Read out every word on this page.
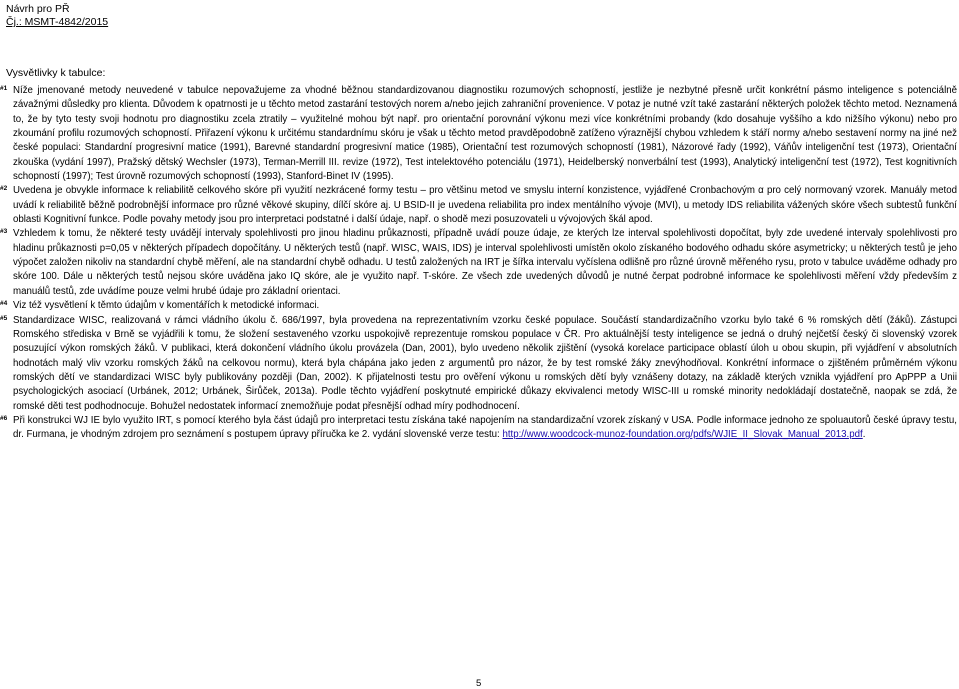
Návrh pro PŘ
Čj.: MSMT-4842/2015
Vysvětlivky k tabulce:
#1 Níže jmenované metody neuvedené v tabulce nepovažujeme za vhodné běžnou standardizovanou diagnostiku rozumových schopností, jestliže je nezbytné přesně určit konkrétní pásmo inteligence s potenciálně závažnými důsledky pro klienta. Důvodem k opatrnosti je u těchto metod zastarání testových norem a/nebo jejich zahraniční provenience. V potaz je nutné vzít také zastarání některých položek těchto metod. Neznamená to, že by tyto testy svoji hodnotu pro diagnostiku zcela ztratily – využitelné mohou být např. pro orientační porovnání výkonu mezi více konkrétními probandy (kdo dosahuje vyššího a kdo nižšího výkonu) nebo pro zkoumání profilu rozumových schopností. Přiřazení výkonu k určitému standardnímu skóru je však u těchto metod pravděpodobně zatíženo výraznější chybou vzhledem k stáří normy a/nebo sestavení normy na jiné než české populaci: Standardní progresivní matice (1991), Barevné standardní progresivní matice (1985), Orientační test rozumových schopností (1981), Názorové řady (1992), Váňův inteligenční test (1973), Orientační zkouška (vydání 1997), Pražský dětský Wechsler (1973), Terman-Merrill III. revize (1972), Test intelektového potenciálu (1971), Heidelberský nonverbální test (1993), Analytický inteligenční test (1972), Test kognitivních schopností (1997); Test úrovně rozumových schopností (1993), Stanford-Binet IV (1995).

#2 Uvedena je obvykle informace k reliabilitě celkového skóre při využití nezkrácené formy testu – pro většinu metod ve smyslu interní konzistence, vyjádřené Cronbachovým α pro celý normovaný vzorek. Manuály metod uvádí k reliabilitě běžně podrobnější informace pro různé věkové skupiny, dílčí skóre aj. U BSID-II je uvedena reliabilita pro index mentálního vývoje (MVI), u metody IDS reliabilita vážených skóre všech subtestů funkční oblasti Kognitivní funkce. Podle povahy metody jsou pro interpretaci podstatné i další údaje, např. o shodě mezi posuzovateli u vývojových škál apod.

#3 Vzhledem k tomu, že některé testy uvádějí intervaly spolehlivosti pro jinou hladinu průkaznosti, případně uvádí pouze údaje, ze kterých lze interval spolehlivosti dopočítat, byly zde uvedené intervaly spolehlivosti pro hladinu průkaznosti p=0,05 v některých případech dopočítány. U některých testů (např. WISC, WAIS, IDS) je interval spolehlivosti umístěn okolo získaného bodového odhadu skóre asymetricky; u některých testů je jeho výpočet založen nikoliv na standardní chybě měření, ale na standardní chybě odhadu. U testů založených na IRT je šířka intervalu vyčíslena odlišně pro různé úrovně měřeného rysu, proto v tabulce uváděme odhady pro skóre 100. Dále u některých testů nejsou skóre uváděna jako IQ skóre, ale je využito např. T-skóre. Ze všech zde uvedených důvodů je nutné čerpat podrobné informace ke spolehlivosti měření vždy především z manuálů testů, zde uvádíme pouze velmi hrubé údaje pro základní orientaci.

#4 Viz též vysvětlení k těmto údajům v komentářích k metodické informaci.

#5 Standardizace WISC, realizovaná v rámci vládního úkolu č. 686/1997, byla provedena na reprezentativním vzorku české populace. Součástí standardizačního vzorku bylo také 6 % romských dětí (žáků). Zástupci Romského střediska v Brně se vyjádřili k tomu, že složení sestaveného vzorku uspokojivě reprezentuje romskou populace v ČR. Pro aktuálnější testy inteligence se jedná o druhý nejčetší český či slovenský vzorek posuzující výkon romských žáků. V publikaci, která dokončení vládního úkolu provázela (Dan, 2001), bylo uvedeno několik zjištění (vysoká korelace participace oblastí úloh u obou skupin, při vyjádření v absolutních hodnotách malý vliv vzorku romských žáků na celkovou normu), která byla chápána jako jeden z argumentů pro názor, že by test romské žáky znevýhodňoval. Konkrétní informace o zjištěném průměrném výkonu romských dětí ve standardizaci WISC byly publikovány později (Dan, 2002). K přijatelnosti testu pro ověření výkonu u romských dětí byly vznášeny dotazy, na základě kterých vznikla vyjádření pro ApPPP a Unii psychologických asociací (Urbánek, 2012; Urbánek, Širůček, 2013a). Podle těchto vyjádření poskytnuté empirické důkazy ekvivalenci metody WISC-III u romské minority nedokládají dostatečně, naopak se zdá, že romské děti test podhodnocuje. Bohužel nedostatek informací znemožňuje podat přesnější odhad míry podhodnocení.

#6 Při konstrukci WJ IE bylo využito IRT, s pomocí kterého byla část údajů pro interpretaci testu získána také napojením na standardizační vzorek získaný v USA. Podle informace jednoho ze spoluautorů české úpravy testu, dr. Furmana, je vhodným zdrojem pro seznámení s postupem úpravy příručka ke 2. vydání slovenské verze testu: http://www.woodcock-munoz-foundation.org/pdfs/WJIE_II_Slovak_Manual_2013.pdf.

5
